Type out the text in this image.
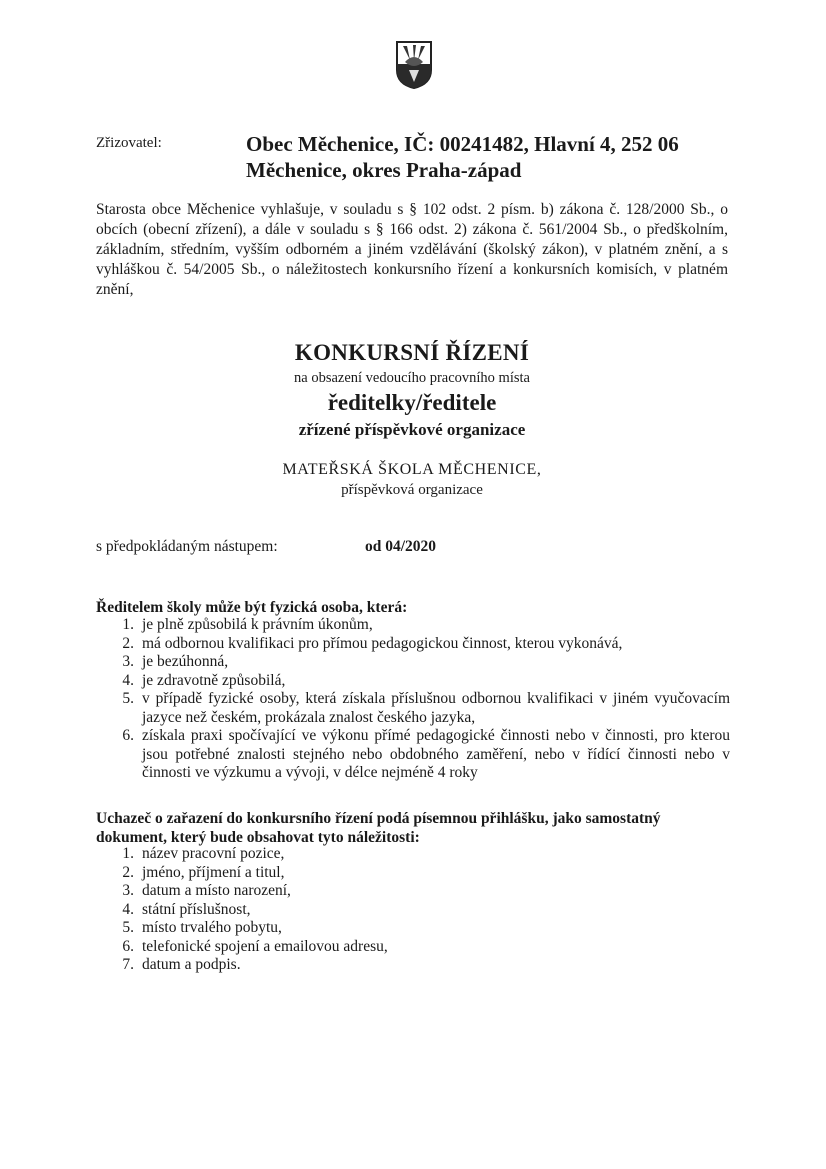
Zřizovatel:	Obec Měchenice, IČ: 00241482, Hlavní 4, 252 06
Měchenice, okres Praha-západ
Starosta obce Měchenice vyhlašuje, v souladu s § 102 odst. 2 písm. b) zákona č. 128/2000 Sb., o obcích (obecní zřízení), a dále v souladu s § 166 odst. 2) zákona č. 561/2004 Sb., o předškolním, základním, středním, vyšším odborném a jiném vzdělávání (školský zákon), v platném znění, a s vyhláškou č. 54/2005 Sb., o náležitostech konkursního řízení a konkursních komisích, v platném znění,
KONKURSNÍ ŘÍZENÍ
na obsazení vedoucího pracovního místa
ředitelky/ředitele
zřízené příspěvkové organizace
MATEŘSKÁ ŠKOLA MĚCHENICE,
příspěvková organizace
s předpokládaným nástupem:	od 04/2020
Ředitelem školy může být fyzická osoba, která:
1. je plně způsobilá k právním úkonům,
2. má odbornou kvalifikaci pro přímou pedagogickou činnost, kterou vykonává,
3. je bezúhonná,
4. je zdravotně způsobilá,
5. v případě fyzické osoby, která získala příslušnou odbornou kvalifikaci v jiném vyučovacím jazyce než českém, prokázala znalost českého jazyka,
6. získala praxi spočívající ve výkonu přímé pedagogické činnosti nebo v činnosti, pro kterou jsou potřebné znalosti stejného nebo obdobného zaměření, nebo v řídící činnosti nebo v činnosti ve výzkumu a vývoji, v délce nejméně 4 roky
Uchazeč o zařazení do konkursního řízení podá písemnou přihlášku, jako samostatný dokument, který bude obsahovat tyto náležitosti:
1. název pracovní pozice,
2. jméno, příjmení a titul,
3. datum a místo narození,
4. státní příslušnost,
5. místo trvalého pobytu,
6. telefonické spojení a emailovou adresu,
7. datum a podpis.
